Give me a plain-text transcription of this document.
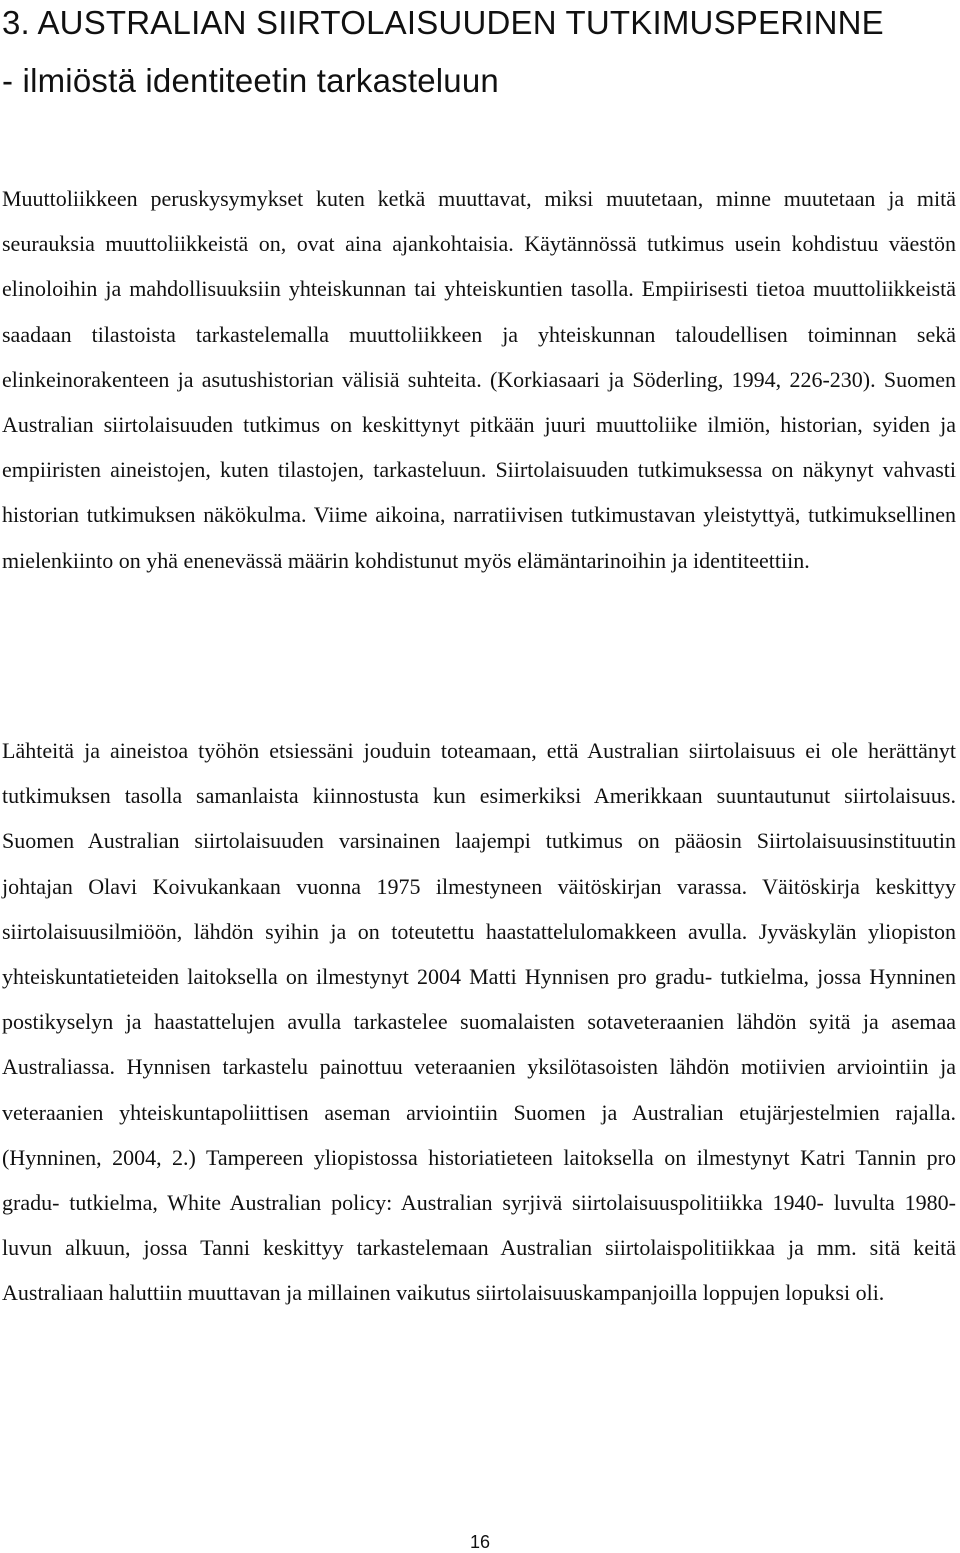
3. AUSTRALIAN SIIRTOLAISUUDEN TUTKIMUSPERINNE
- ilmiöstä identiteetin tarkasteluun

Muuttoliikkeen peruskysymykset kuten ketkä muuttavat, miksi muutetaan, minne muutetaan ja mitä seurauksia muuttoliikkeistä on, ovat aina ajankohtaisia. Käytännössä tutkimus usein kohdistuu väestön elinoloihin ja mahdollisuuksiin yhteiskunnan tai yhteiskuntien tasolla. Empiirisesti tietoa muuttoliikkeistä saadaan tilastoista tarkastelemalla muuttoliikkeen ja yhteiskunnan taloudellisen toiminnan sekä elinkeinorakenteen ja asutushistorian välisiä suhteita. (Korkiasaari ja Söderling, 1994, 226-230). Suomen Australian siirtolaisuuden tutkimus on keskittynyt pitkään juuri muuttoliike ilmiön, historian, syiden ja empiiristen aineistojen, kuten tilastojen, tarkasteluun. Siirtolaisuuden tutkimuksessa on näkynyt vahvasti historian tutkimuksen näkökulma. Viime aikoina, narratiivisen tutkimustavan yleistyttyä, tutkimuksellinen mielenkiinto on yhä enenevässä määrin kohdistunut myös elämäntarinoihin ja identiteettiin.

Lähteitä ja aineistoa työhön etsiessäni jouduin toteamaan, että Australian siirtolaisuus ei ole herättänyt tutkimuksen tasolla samanlaista kiinnostusta kun esimerkiksi Amerikkaan suuntautunut siirtolaisuus. Suomen Australian siirtolaisuuden varsinainen laajempi tutkimus on pääosin Siirtolaisuusinstituutin johtajan Olavi Koivukankaan vuonna 1975 ilmestyneen väitöskirjan varassa. Väitöskirja keskittyy siirtolaisuusilmiöön, lähdön syihin ja on toteutettu haastattelulomakkeen avulla. Jyväskylän yliopiston yhteiskuntatieteiden laitoksella on ilmestynyt 2004 Matti Hynnisen pro gradu- tutkielma, jossa Hynninen postikyselyn ja haastattelujen avulla tarkastelee suomalaisten sotaveteraanien lähdön syitä ja asemaa Australiassa. Hynnisen tarkastelu painottuu veteraanien yksilötasoisten lähdön motiivien arviointiin ja veteraanien yhteiskuntapoliittisen aseman arviointiin Suomen ja Australian etujärjestelmien rajalla. (Hynninen, 2004, 2.) Tampereen yliopistossa historiatieteen laitoksella on ilmestynyt Katri Tannin pro gradu- tutkielma, White Australian policy: Australian syrjivä siirtolaisuuspolitiikka 1940- luvulta 1980- luvun alkuun, jossa Tanni keskittyy tarkastelemaan Australian siirtolaispolitiikkaa ja mm. sitä keitä Australiaan haluttiin muuttavan ja millainen vaikutus siirtolaisuuskampanjoilla loppujen lopuksi oli.

16
